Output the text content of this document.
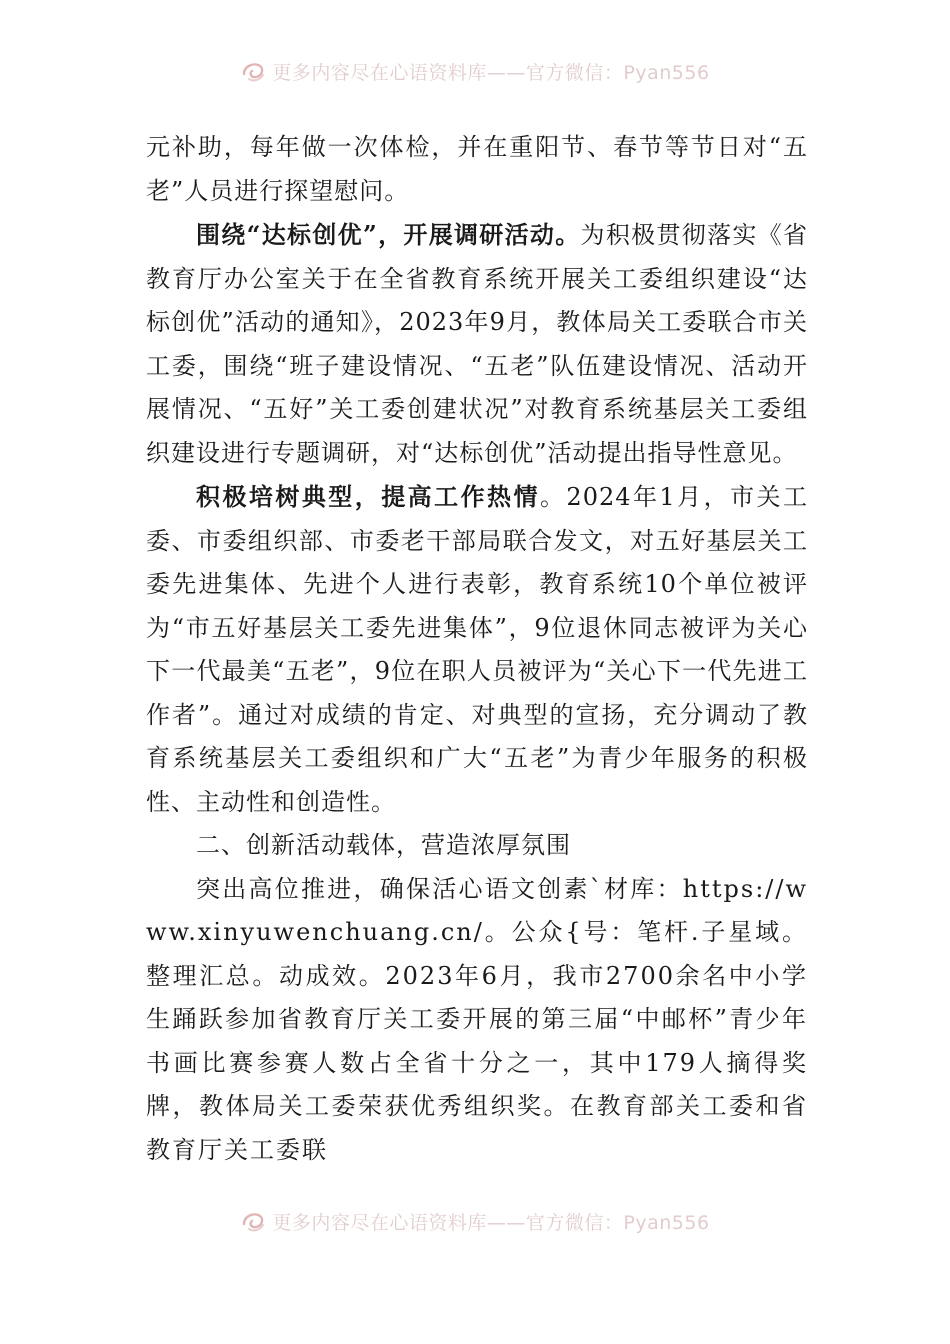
更多内容尽在心语资料库——官方微信：Pyan556

元补助，每年做一次体检，并在重阳节、春节等节日对“五老”人员进行探望慰问。

围绕“达标创优”，开展调研活动。为积极贯彻落实《省教育厅办公室关于在全省教育系统开展关工委组织建设“达标创优”活动的通知》，2023年9月，教体局关工委联合市关工委，围绕“班子建设情况、“五老”队伍建设情况、活动开展情况、“五好”关工委创建状况”对教育系统基层关工委组织建设进行专题调研，对“达标创优”活动提出指导性意见。

积极培树典型，提高工作热情。2024年1月，市关工委、市委组织部、市委老干部局联合发文，对五好基层关工委先进集体、先进个人进行表彰，教育系统10个单位被评为“市五好基层关工委先进集体”，9位退休同志被评为关心下一代最美“五老”，9位在职人员被评为“关心下一代先进工作者”。通过对成绩的肯定、对典型的宣扬，充分调动了教育系统基层关工委组织和广大“五老”为青少年服务的积极性、主动性和创造性。

二、创新活动载体，营造浓厚氛围

突出高位推进，确保活心语文创素`材库：https://www.xinyuwenchuang.cn/。公众{号：笔杆.子星域。整理汇总。动成效。2023年6月，我市2700余名中小学生踊跃参加省教育厅关工委开展的第三届“中邮杯”青少年书画比赛参赛人数占全省十分之一，其中179人摘得奖牌，教体局关工委荣获优秀组织奖。在教育部关工委和省教育厅关工委联

更多内容尽在心语资料库——官方微信：Pyan556
